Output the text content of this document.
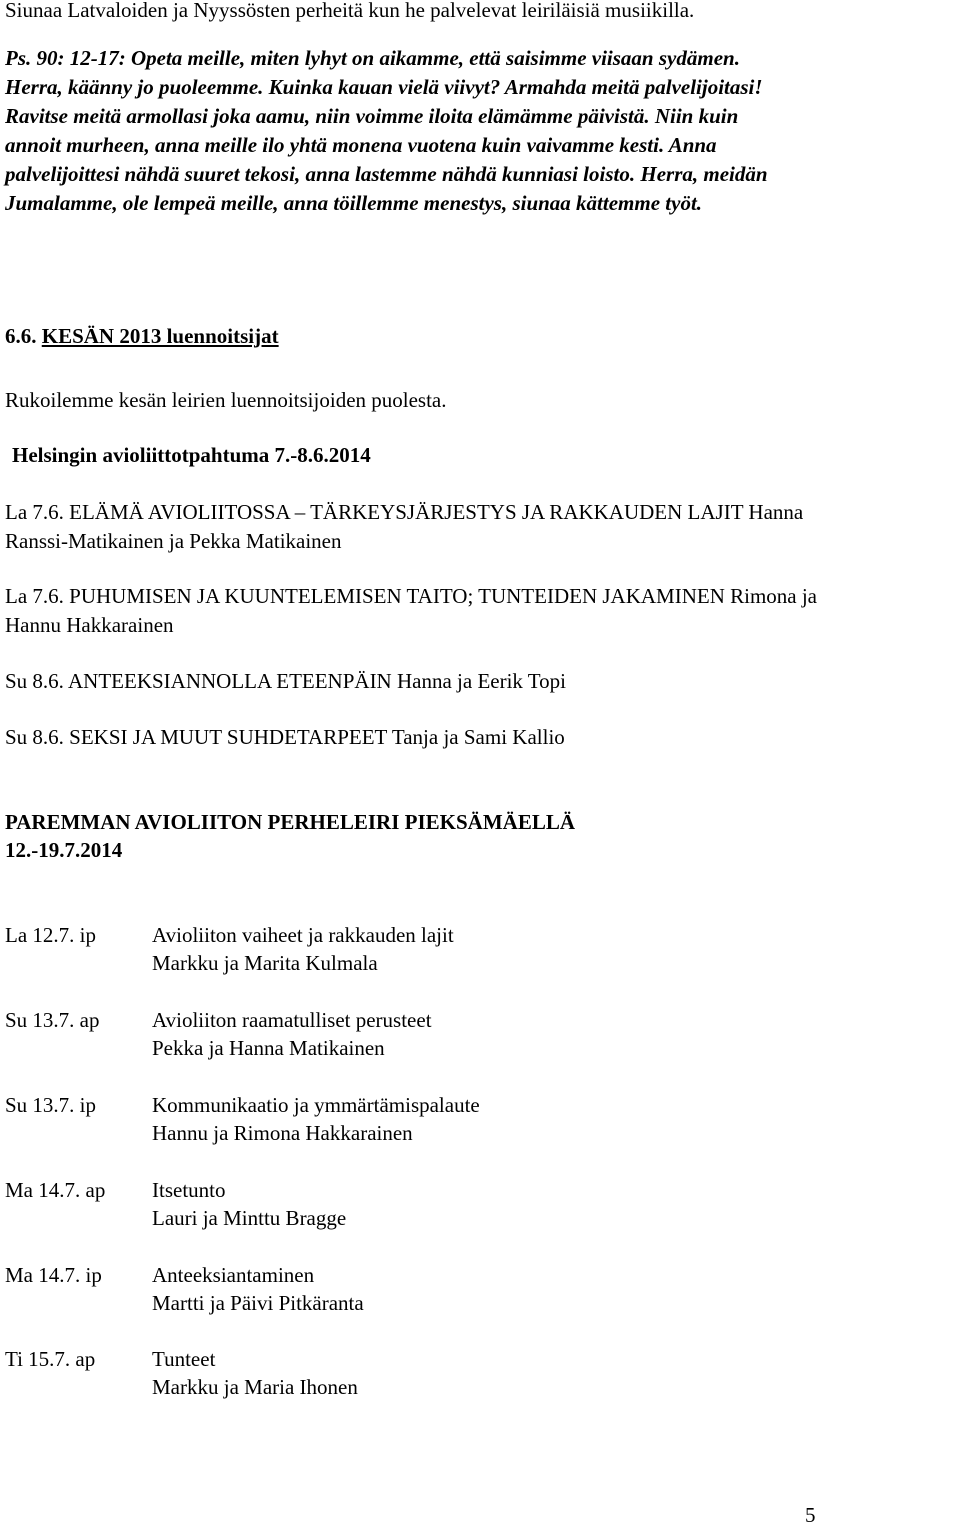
Siunaa Latvaloiden ja Nyyssösten perheitä kun he palvelevat leiriläisiä musiikilla.
Ps. 90: 12-17: Opeta meille, miten lyhyt on aikamme, että saisimme viisaan sydämen.
Herra, käänny jo puoleemme. Kuinka kauan vielä viivyt? Armahda meitä palvelijoitasi!
Ravitse meitä armollasi joka aamu, niin voimme iloita elämämme päivistä. Niin kuin
annoit murheen, anna meille ilo yhtä monena vuotena kuin vaivamme kesti. Anna
palvelijoittesi nähdä suuret tekosi, anna lastemme nähdä kunniasi loisto. Herra, meidän
Jumalamme, ole lempeä meille, anna töillemme menestys, siunaa kättemme työt.
6.6. KESÄN 2013 luennoitsijat
Rukoilemme kesän leirien luennoitsijoiden puolesta.
Helsingin avioliittotpahtuma 7.-8.6.2014
La 7.6. ELÄMÄ AVIOLIITOSSA – TÄRKEYSJÄRJESTYS JA RAKKAUDEN LAJIT Hanna
Ranssi-Matikainen ja Pekka Matikainen
La 7.6. PUHUMISEN JA KUUNTELEMISEN TAITO; TUNTEIDEN JAKAMINEN Rimona ja
Hannu Hakkarainen
Su 8.6. ANTEEKSIANNOLLA ETEENPÄIN Hanna ja Eerik Topi
Su 8.6. SEKSI JA MUUT SUHDETARPEET Tanja ja Sami Kallio
PAREMMAN AVIOLIITON PERHELEIRI PIEKSÄMÄELLÄ
12.-19.7.2014
La 12.7. ip	Avioliiton vaiheet ja rakkauden lajit
Markku ja Marita Kulmala
Su 13.7. ap	Avioliiton raamatulliset perusteet
Pekka ja Hanna Matikainen
Su 13.7. ip	Kommunikaatio ja ymmärtämispalaute
Hannu ja Rimona Hakkarainen
Ma 14.7. ap Itsetunto
Lauri ja Minttu Bragge
Ma 14.7. ip Anteeksiantaminen
Martti ja Päivi Pitkäranta
Ti 15.7. ap	Tunteet
Markku ja Maria Ihonen
5
